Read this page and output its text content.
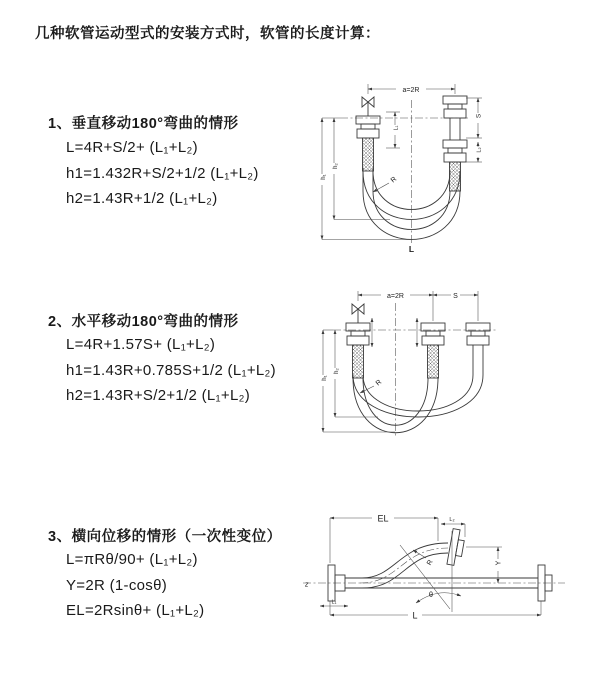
几种软管运动型式的安装方式时，软管的长度计算：
1、垂直移动180°弯曲的情形
L=4R+S/2+ (L₁+L₂)
h1=1.432R+S/2+1/2 (L₁+L₂)
h2=1.43R+1/2 (L₁+L₂)
2、水平移动180°弯曲的情形
L=4R+1.57S+ (L₁+L₂)
h1=1.43R+0.785S+1/2 (L₁+L₂)
h2=1.43R+S/2+1/2 (L₁+L₂)
3、横向位移的情形（一次性变位）
L=πRθ/90+ (L₁+L₂)
Y=2R (1-cosθ)
EL=2Rsinθ+ (L₁+L₂)
a=2R
S
L₂
L₁
h₁
h₂
R
L
a=2R	S
h₁
h₂
R
EL	L₂
Y
R
θ
L₁
L
z
